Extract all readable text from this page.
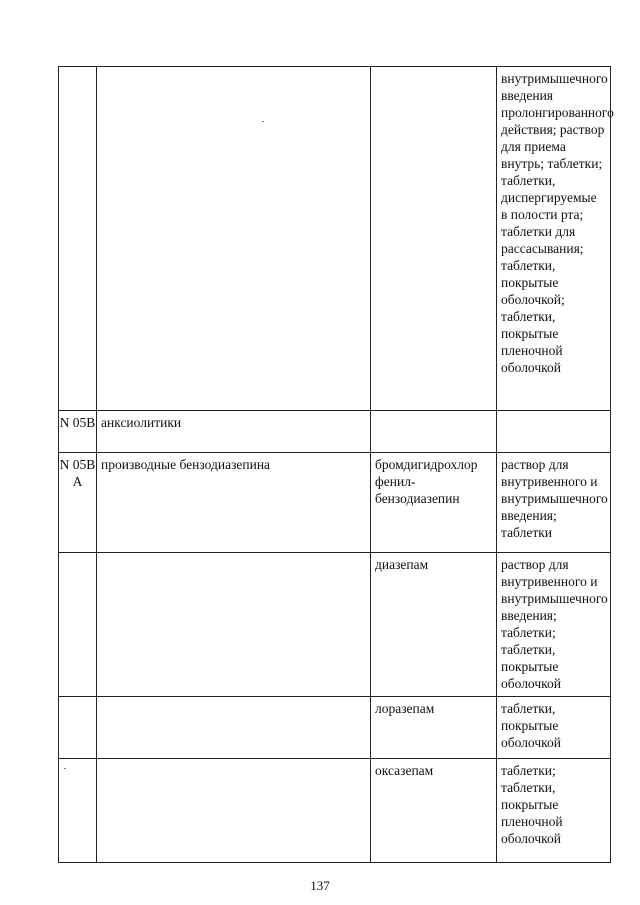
			внутримышечного введения пролонгированного действия; раствор для приема внутрь; таблетки; таблетки, диспергируемые в полости рта; таблетки для рассасывания; таблетки, покрытые оболочкой; таблетки, покрытые пленочной оболочкой
N 05B	анксиолитики		
N 05B A	производные бензодиазепина	бромдигидрохлор фенил- бензодиазепин	раствор для внутривенного и внутримышечного введения; таблетки
		диазепам	раствор для внутривенного и внутримышечного введения; таблетки; таблетки, покрытые оболочкой
		лоразепам	таблетки, покрытые оболочкой
		оксазепам	таблетки; таблетки, покрытые пленочной оболочкой
137
